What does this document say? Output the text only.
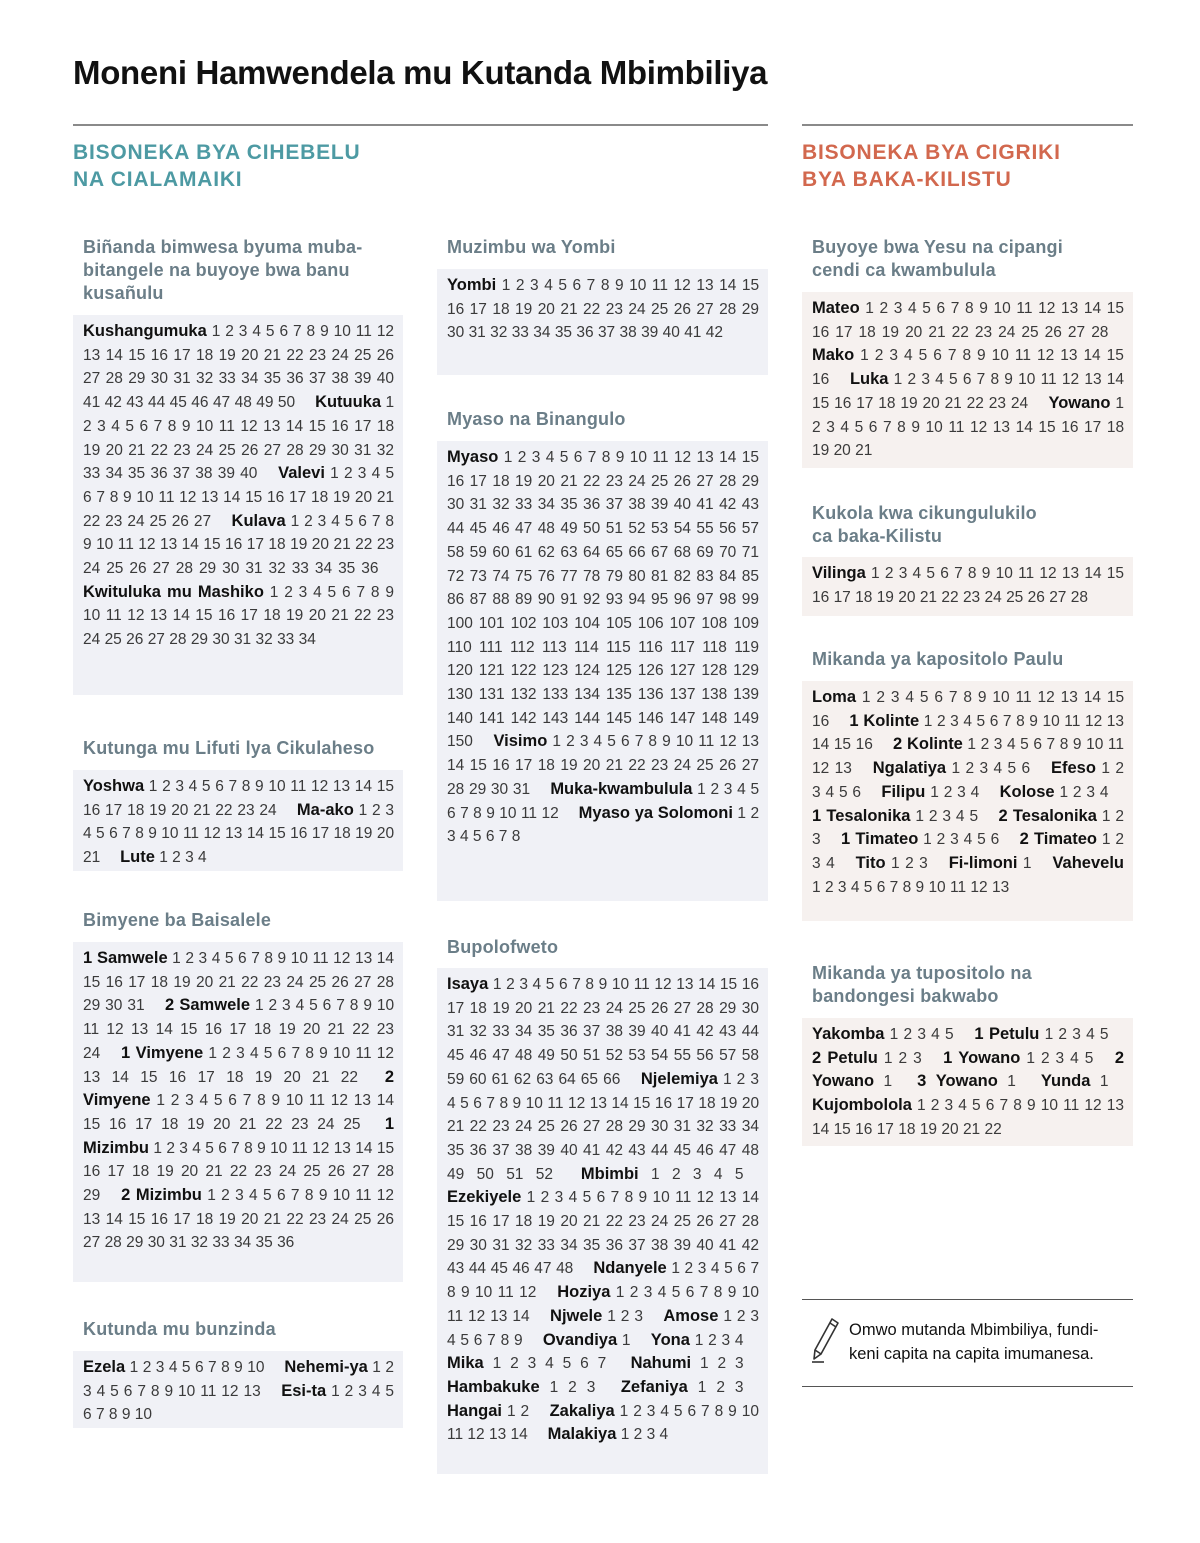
Moneni Hamwendela mu Kutanda Mbimbiliya
BISONEKA BYA CIHEBELU
NA CIALAMAIKI
BISONEKA BYA CIGRIKI
BYA BAKA-KILISTU
Biñanda bimwesa byuma muba-
bitangele na buyoye bwa banu
kusañulu
Kushangumuka 1 2 3 4 5 6 7 8 9 10 11 12 13 14 15 16 17 18 19 20 21 22 23 24 25 26 27 28 29 30 31 32 33 34 35 36 37 38 39 40 41 42 43 44 45 46 47 48 49 50  Kutuuka 1 2 3 4 5 6 7 8 9 10 11 12 13 14 15 16 17 18 19 20 21 22 23 24 25 26 27 28 29 30 31 32 33 34 35 36 37 38 39 40  Valevi 1 2 3 4 5 6 7 8 9 10 11 12 13 14 15 16 17 18 19 20 21 22 23 24 25 26 27  Kulava 1 2 3 4 5 6 7 8 9 10 11 12 13 14 15 16 17 18 19 20 21 22 23 24 25 26 27 28 29 30 31 32 33 34 35 36  Kwituluka mu Mashiko 1 2 3 4 5 6 7 8 9 10 11 12 13 14 15 16 17 18 19 20 21 22 23 24 25 26 27 28 29 30 31 32 33 34 
Kutunga mu Lifuti lya Cikulaheso
Yoshwa 1 2 3 4 5 6 7 8 9 10 11 12 13 14 15 16 17 18 19 20 21 22 23 24  Ma-ako 1 2 3 4 5 6 7 8 9 10 11 12 13 14 15 16 17 18 19 20 21  Lute 1 2 3 4 
Bimyene ba Baisalele
1 Samwele 1 2 3 4 5 6 7 8 9 10 11 12 13 14 15 16 17 18 19 20 21 22 23 24 25 26 27 28 29 30 31  2 Samwele 1 2 3 4 5 6 7 8 9 10 11 12 13 14 15 16 17 18 19 20 21 22 23 24  1 Vimyene 1 2 3 4 5 6 7 8 9 10 11 12 13 14 15 16 17 18 19 20 21 22  2 Vimyene 1 2 3 4 5 6 7 8 9 10 11 12 13 14 15 16 17 18 19 20 21 22 23 24 25  1 Mizimbu 1 2 3 4 5 6 7 8 9 10 11 12 13 14 15 16 17 18 19 20 21 22 23 24 25 26 27 28 29  2 Mizimbu 1 2 3 4 5 6 7 8 9 10 11 12 13 14 15 16 17 18 19 20 21 22 23 24 25 26 27 28 29 30 31 32 33 34 35 36 
Kutunda mu bunzinda
Ezela 1 2 3 4 5 6 7 8 9 10  Nehemi-ya 1 2 3 4 5 6 7 8 9 10 11 12 13  Esi-ta 1 2 3 4 5 6 7 8 9 10 
Muzimbu wa Yombi
Yombi 1 2 3 4 5 6 7 8 9 10 11 12 13 14 15 16 17 18 19 20 21 22 23 24 25 26 27 28 29 30 31 32 33 34 35 36 37 38 39 40 41 42 
Myaso na Binangulo
Myaso 1 2 3 4 5 6 7 8 9 10 11 12 13 14 15 16 17 18 19 20 21 22 23 24 25 26 27 28 29 30 31 32 33 34 35 36 37 38 39 40 41 42 43 44 45 46 47 48 49 50 51 52 53 54 55 56 57 58 59 60 61 62 63 64 65 66 67 68 69 70 71 72 73 74 75 76 77 78 79 80 81 82 83 84 85 86 87 88 89 90 91 92 93 94 95 96 97 98 99 100 101 102 103 104 105 106 107 108 109 110 111 112 113 114 115 116 117 118 119 120 121 122 123 124 125 126 127 128 129 130 131 132 133 134 135 136 137 138 139 140 141 142 143 144 145 146 147 148 149 150  Visimo 1 2 3 4 5 6 7 8 9 10 11 12 13 14 15 16 17 18 19 20 21 22 23 24 25 26 27 28 29 30 31  Muka-kwambulula 1 2 3 4 5 6 7 8 9 10 11 12  Myaso ya Solomoni 1 2 3 4 5 6 7 8 
Bupolofweto
Isaya 1 2 3 4 5 6 7 8 9 10 11 12 13 14 15 16 17 18 19 20 21 22 23 24 25 26 27 28 29 30 31 32 33 34 35 36 37 38 39 40 41 42 43 44 45 46 47 48 49 50 51 52 53 54 55 56 57 58 59 60 61 62 63 64 65 66  Njelemiya 1 2 3 4 5 6 7 8 9 10 11 12 13 14 15 16 17 18 19 20 21 22 23 24 25 26 27 28 29 30 31 32 33 34 35 36 37 38 39 40 41 42 43 44 45 46 47 48 49 50 51 52  Mbimbi 1 2 3 4 5  Ezekiyele 1 2 3 4 5 6 7 8 9 10 11 12 13 14 15 16 17 18 19 20 21 22 23 24 25 26 27 28 29 30 31 32 33 34 35 36 37 38 39 40 41 42 43 44 45 46 47 48  Ndanyele 1 2 3 4 5 6 7 8 9 10 11 12  Hoziya 1 2 3 4 5 6 7 8 9 10 11 12 13 14  Njwele 1 2 3  Amose 1 2 3 4 5 6 7 8 9  Ovandiya 1  Yona 1 2 3 4  Mika 1 2 3 4 5 6 7  Nahumi 1 2 3  Hambakuke 1 2 3  Zefaniya 1 2 3  Hangai 1 2  Zakaliya 1 2 3 4 5 6 7 8 9 10 11 12 13 14  Malakiya 1 2 3 4 
Buyoye bwa Yesu na cipangi
cendi ca kwambulula
Mateo 1 2 3 4 5 6 7 8 9 10 11 12 13 14 15 16 17 18 19 20 21 22 23 24 25 26 27 28  Mako 1 2 3 4 5 6 7 8 9 10 11 12 13 14 15 16  Luka 1 2 3 4 5 6 7 8 9 10 11 12 13 14 15 16 17 18 19 20 21 22 23 24  Yowano 1 2 3 4 5 6 7 8 9 10 11 12 13 14 15 16 17 18 19 20 21 
Kukola kwa cikungulukilo
ca baka-Kilistu
Vilinga 1 2 3 4 5 6 7 8 9 10 11 12 13 14 15 16 17 18 19 20 21 22 23 24 25 26 27 28 
Mikanda ya kapositolo Paulu
Loma 1 2 3 4 5 6 7 8 9 10 11 12 13 14 15 16  1 Kolinte 1 2 3 4 5 6 7 8 9 10 11 12 13 14 15 16  2 Kolinte 1 2 3 4 5 6 7 8 9 10 11 12 13  Ngalatiya 1 2 3 4 5 6  Efeso 1 2 3 4 5 6  Filipu 1 2 3 4  Kolose 1 2 3 4  1 Tesalonika 1 2 3 4 5  2 Tesalonika 1 2 3  1 Timateo 1 2 3 4 5 6  2 Timateo 1 2 3 4  Tito 1 2 3  Fi-limoni 1  Vahevelu 1 2 3 4 5 6 7 8 9 10 11 12 13 
Mikanda ya tupositolo na
bandongesi bakwabo
Yakomba 1 2 3 4 5  1 Petulu 1 2 3 4 5  2 Petulu 1 2 3  1 Yowano 1 2 3 4 5  2 Yowano 1  3 Yowano 1  Yunda 1  Kujombolola 1 2 3 4 5 6 7 8 9 10 11 12 13 14 15 16 17 18 19 20 21 22 
Omwo mutanda Mbimbiliya, fundi-
keni capita na capita imumanesa.
